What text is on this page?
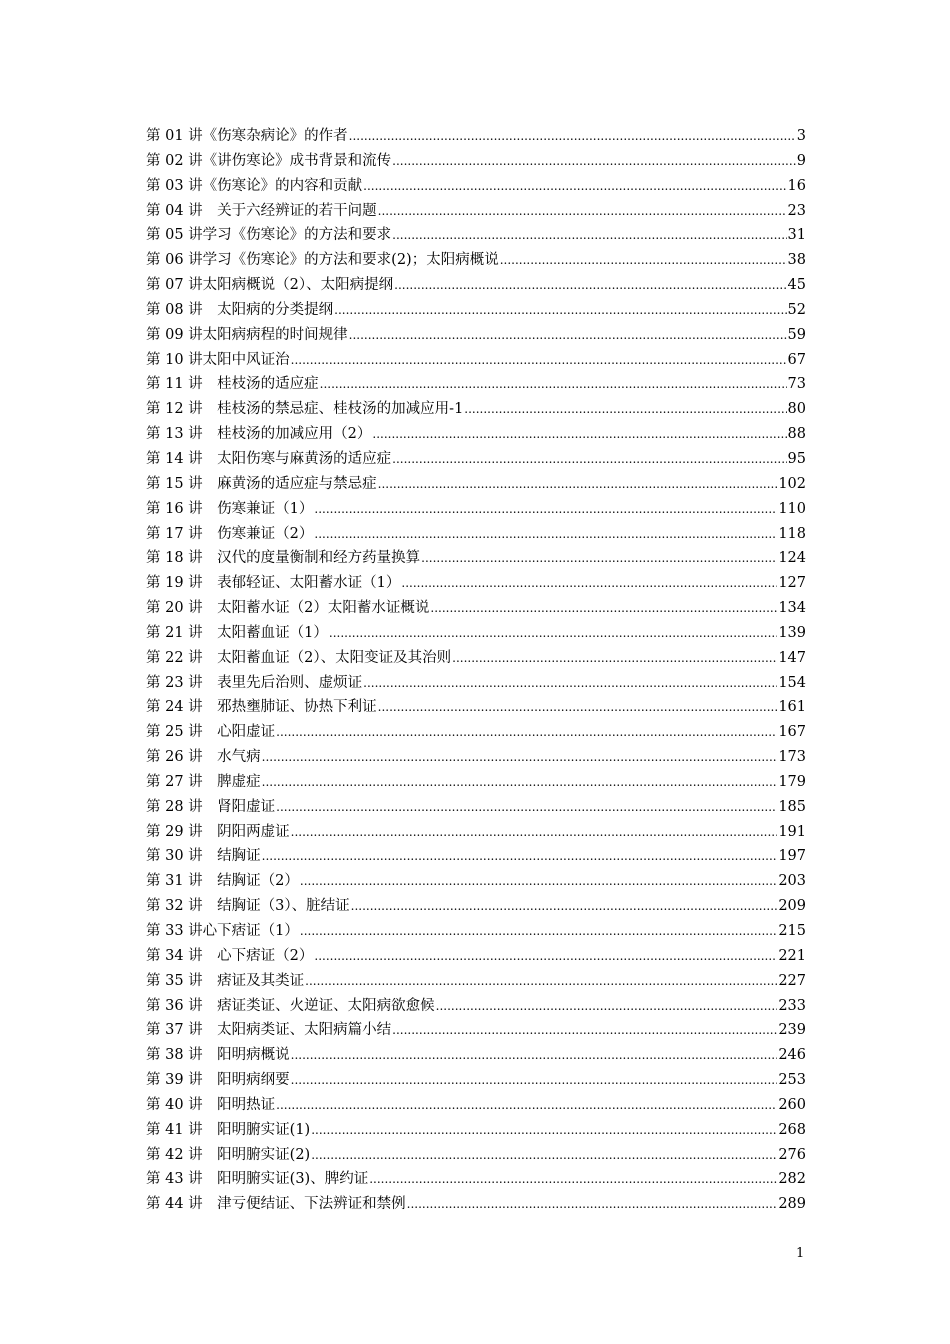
第 01 讲《伤寒杂病论》的作者 .....	3
第 02 讲《讲伤寒论》成书背景和流传 .....	9
第 03 讲《伤寒论》的内容和贡献 .....	16
第 04 讲　关于六经辨证的若干问题 .....	23
第 05 讲学习《伤寒论》的方法和要求 .....	31
第 06 讲学习《伤寒论》的方法和要求(2)；太阳病概说 .....	38
第 07 讲太阳病概说（2）、太阳病提纲 .....	45
第 08 讲　太阳病的分类提纲 .....	52
第 09 讲太阳病病程的时间规律 .....	59
第 10 讲太阳中风证治 .....	67
第 11 讲　桂枝汤的适应症 .....	73
第 12 讲　桂枝汤的禁忌症、桂枝汤的加减应用-1 .....	80
第 13 讲　桂枝汤的加减应用（2） .....	88
第 14 讲　太阳伤寒与麻黄汤的适应症 .....	95
第 15 讲　麻黄汤的适应症与禁忌症 .....	102
第 16 讲　伤寒兼证（1） .....	110
第 17 讲　伤寒兼证（2） .....	118
第 18 讲　汉代的度量衡制和经方药量换算 .....	124
第 19 讲　表郁轻证、太阳蓄水证（1） .....	127
第 20 讲　太阳蓄水证（2）太阳蓄水证概说 .....	134
第 21 讲　太阳蓄血证（1） .....	139
第 22 讲　太阳蓄血证（2）、太阳变证及其治则 .....	147
第 23 讲　表里先后治则、虚烦证 .....	154
第 24 讲　邪热壅肺证、协热下利证 .....	161
第 25 讲　心阳虚证 .....	167
第 26 讲　水气病 .....	173
第 27 讲　脾虚症 .....	179
第 28 讲　肾阳虚证 .....	185
第 29 讲　阴阳两虚证 .....	191
第 30 讲　结胸证 .....	197
第 31 讲　结胸证（2） .....	203
第 32 讲　结胸证（3）、脏结证 .....	209
第 33 讲心下痞证（1） .....	215
第 34 讲　心下痞证（2） .....	221
第 35 讲　痞证及其类证 .....	227
第 36 讲　痞证类证、火逆证、太阳病欲愈候 .....	233
第 37 讲　太阳病类证、太阳病篇小结 .....	239
第 38 讲　阳明病概说 .....	246
第 39 讲　阳明病纲要 .....	253
第 40 讲　阳明热证 .....	260
第 41 讲　阳明腑实证(1) .....	268
第 42 讲　阳明腑实证(2) .....	276
第 43 讲　阳明腑实证(3)、脾约证 .....	282
第 44 讲　津亏便结证、下法辨证和禁例 .....	289
1
